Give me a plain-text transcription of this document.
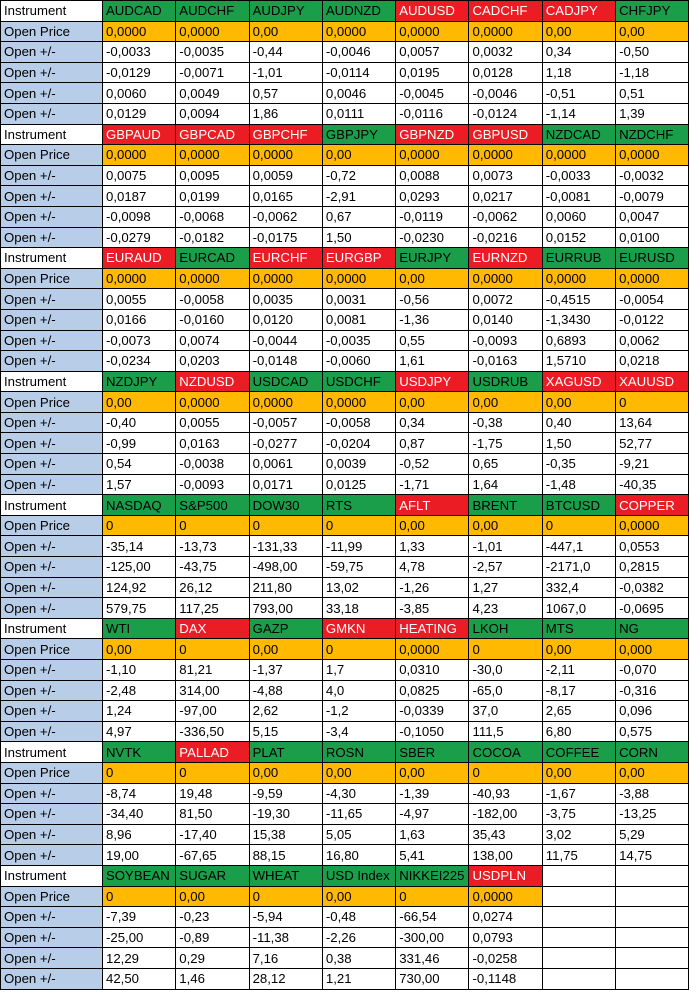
Instrument	AUDCAD	AUDCHF	AUDJPY	AUDNZD	AUDUSD	CADCHF	CADJPY	CHFJPY
Open Price	0,0000	0,0000	0,00	0,0000	0,0000	0,0000	0,00	0,00
Open +/-	-0,0033	-0,0035	-0,44	-0,0046	0,0057	0,0032	0,34	-0,50
Open +/-	-0,0129	-0,0071	-1,01	-0,0114	0,0195	0,0128	1,18	-1,18
Open +/-	0,0060	0,0049	0,57	0,0046	-0,0045	-0,0046	-0,51	0,51
Open +/-	0,0129	0,0094	1,86	0,0111	-0,0116	-0,0124	-1,14	1,39
Instrument	GBPAUD	GBPCAD	GBPCHF	GBPJPY	GBPNZD	GBPUSD	NZDCAD	NZDCHF
Open Price	0,0000	0,0000	0,0000	0,00	0,0000	0,0000	0,0000	0,0000
Open +/-	0,0075	0,0095	0,0059	-0,72	0,0088	0,0073	-0,0033	-0,0032
Open +/-	0,0187	0,0199	0,0165	-2,91	0,0293	0,0217	-0,0081	-0,0079
Open +/-	-0,0098	-0,0068	-0,0062	0,67	-0,0119	-0,0062	0,0060	0,0047
Open +/-	-0,0279	-0,0182	-0,0175	1,50	-0,0230	-0,0216	0,0152	0,0100
Instrument	EURAUD	EURCAD	EURCHF	EURGBP	EURJPY	EURNZD	EURRUB	EURUSD
Open Price	0,0000	0,0000	0,0000	0,0000	0,00	0,0000	0,0000	0,0000
Open +/-	0,0055	-0,0058	0,0035	0,0031	-0,56	0,0072	-0,4515	-0,0054
Open +/-	0,0166	-0,0160	0,0120	0,0081	-1,36	0,0140	-1,3430	-0,0122
Open +/-	-0,0073	0,0074	-0,0044	-0,0035	0,55	-0,0093	0,6893	0,0062
Open +/-	-0,0234	0,0203	-0,0148	-0,0060	1,61	-0,0163	1,5710	0,0218
Instrument	NZDJPY	NZDUSD	USDCAD	USDCHF	USDJPY	USDRUB	XAGUSD	XAUUSD
Open Price	0,00	0,0000	0,0000	0,0000	0,00	0,00	0,00	0
Open +/-	-0,40	0,0055	-0,0057	-0,0058	0,34	-0,38	0,40	13,64
Open +/-	-0,99	0,0163	-0,0277	-0,0204	0,87	-1,75	1,50	52,77
Open +/-	0,54	-0,0038	0,0061	0,0039	-0,52	0,65	-0,35	-9,21
Open +/-	1,57	-0,0093	0,0171	0,0125	-1,71	1,64	-1,48	-40,35
Instrument	NASDAQ	S&P500	DOW30	RTS	AFLT	BRENT	BTCUSD	COPPER
Open Price	0	0	0	0	0,00	0,00	0	0,0000
Open +/-	-35,14	-13,73	-131,33	-11,99	1,33	-1,01	-447,1	0,0553
Open +/-	-125,00	-43,75	-498,00	-59,75	4,78	-2,57	-2171,0	0,2815
Open +/-	124,92	26,12	211,80	13,02	-1,26	1,27	332,4	-0,0382
Open +/-	579,75	117,25	793,00	33,18	-3,85	4,23	1067,0	-0,0695
Instrument	WTI	DAX	GAZP	GMKN	HEATING	LKOH	MTS	NG
Open Price	0,00	0	0,00	0	0,0000	0	0,00	0,000
Open +/-	-1,10	81,21	-1,37	1,7	0,0310	-30,0	-2,11	-0,070
Open +/-	-2,48	314,00	-4,88	4,0	0,0825	-65,0	-8,17	-0,316
Open +/-	1,24	-97,00	2,62	-1,2	-0,0339	37,0	2,65	0,096
Open +/-	4,97	-336,50	5,15	-3,4	-0,1050	111,5	6,80	0,575
Instrument	NVTK	PALLAD	PLAT	ROSN	SBER	COCOA	COFFEE	CORN
Open Price	0	0	0,00	0,00	0,00	0	0,00	0,00
Open +/-	-8,74	19,48	-9,59	-4,30	-1,39	-40,93	-1,67	-3,88
Open +/-	-34,40	81,50	-19,30	-11,65	-4,97	-182,00	-3,75	-13,25
Open +/-	8,96	-17,40	15,38	5,05	1,63	35,43	3,02	5,29
Open +/-	19,00	-67,65	88,15	16,80	5,41	138,00	11,75	14,75
Instrument	SOYBEAN	SUGAR	WHEAT	USD Index	NIKKEI225	USDPLN		
Open Price	0	0,00	0	0,00	0	0,0000		
Open +/-	-7,39	-0,23	-5,94	-0,48	-66,54	0,0274		
Open +/-	-25,00	-0,89	-11,38	-2,26	-300,00	0,0793		
Open +/-	12,29	0,29	7,16	0,38	331,46	-0,0258		
Open +/-	42,50	1,46	28,12	1,21	730,00	-0,1148		
